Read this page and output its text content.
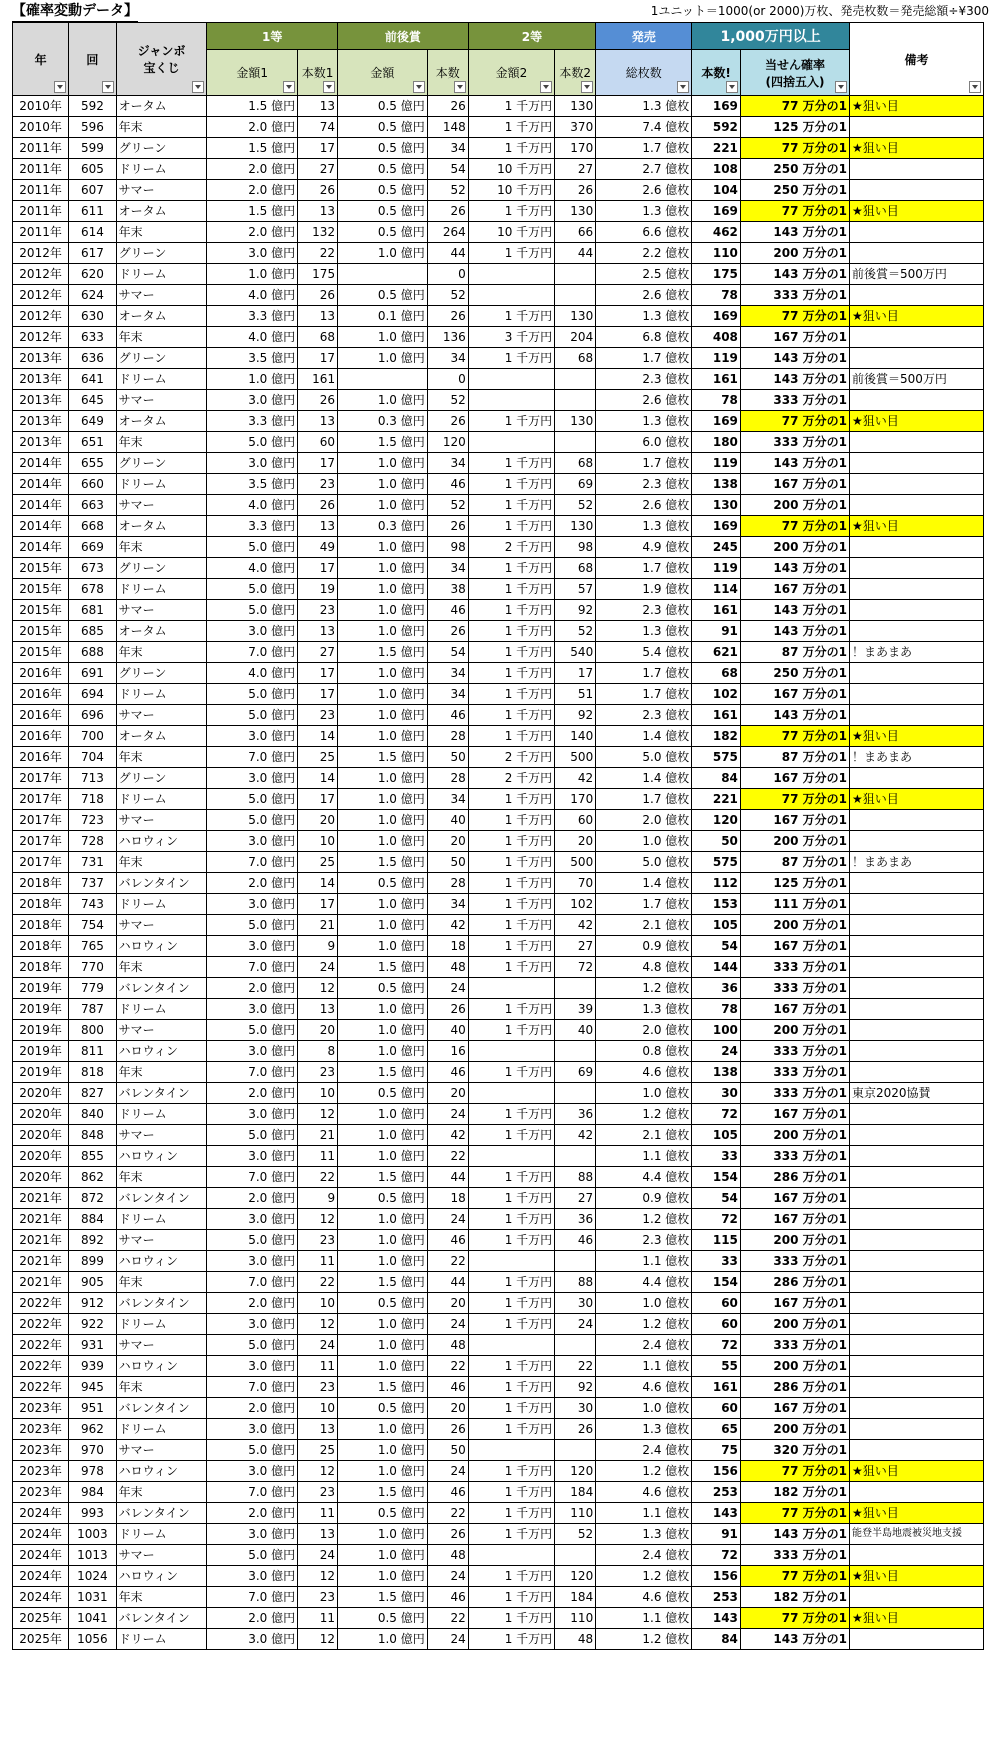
【確率変動データ】	1ユニット＝1000(or 2000)万枚、発売枚数＝発売総額÷¥300
年	回	ジャンボ
宝くじ	1等		前後賞		2等		発売	1,000万円以上		備考

			金額1	本数1	金額	本数	金額2	本数2	総枚数	本数!	当せん確率
(四捨五入)	

2010年	592	オータム	1.5 億円	13	0.5 億円	26	1 千万円	130	1.3 億枚	169	77 万分の1	★狙い目
2010年	596	年末	2.0 億円	74	0.5 億円	148	1 千万円	370	7.4 億枚	592	125 万分の1	
2011年	599	グリーン	1.5 億円	17	0.5 億円	34	1 千万円	170	1.7 億枚	221	77 万分の1	★狙い目
2011年	605	ドリーム	2.0 億円	27	0.5 億円	54	10 千万円	27	2.7 億枚	108	250 万分の1	
2011年	607	サマー	2.0 億円	26	0.5 億円	52	10 千万円	26	2.6 億枚	104	250 万分の1	
2011年	611	オータム	1.5 億円	13	0.5 億円	26	1 千万円	130	1.3 億枚	169	77 万分の1	★狙い目
2011年	614	年末	2.0 億円	132	0.5 億円	264	10 千万円	66	6.6 億枚	462	143 万分の1	
2012年	617	グリーン	3.0 億円	22	1.0 億円	44	1 千万円	44	2.2 億枚	110	200 万分の1	
2012年	620	ドリーム	1.0 億円	175		0			2.5 億枚	175	143 万分の1	前後賞＝500万円
2012年	624	サマー	4.0 億円	26	0.5 億円	52			2.6 億枚	78	333 万分の1	
2012年	630	オータム	3.3 億円	13	0.1 億円	26	1 千万円	130	1.3 億枚	169	77 万分の1	★狙い目
2012年	633	年末	4.0 億円	68	1.0 億円	136	3 千万円	204	6.8 億枚	408	167 万分の1	
2013年	636	グリーン	3.5 億円	17	1.0 億円	34	1 千万円	68	1.7 億枚	119	143 万分の1	
2013年	641	ドリーム	1.0 億円	161		0			2.3 億枚	161	143 万分の1	前後賞＝500万円
2013年	645	サマー	3.0 億円	26	1.0 億円	52			2.6 億枚	78	333 万分の1	
2013年	649	オータム	3.3 億円	13	0.3 億円	26	1 千万円	130	1.3 億枚	169	77 万分の1	★狙い目
2013年	651	年末	5.0 億円	60	1.5 億円	120			6.0 億枚	180	333 万分の1	
2014年	655	グリーン	3.0 億円	17	1.0 億円	34	1 千万円	68	1.7 億枚	119	143 万分の1	
2014年	660	ドリーム	3.5 億円	23	1.0 億円	46	1 千万円	69	2.3 億枚	138	167 万分の1	
2014年	663	サマー	4.0 億円	26	1.0 億円	52	1 千万円	52	2.6 億枚	130	200 万分の1	
2014年	668	オータム	3.3 億円	13	0.3 億円	26	1 千万円	130	1.3 億枚	169	77 万分の1	★狙い目
2014年	669	年末	5.0 億円	49	1.0 億円	98	2 千万円	98	4.9 億枚	245	200 万分の1	
2015年	673	グリーン	4.0 億円	17	1.0 億円	34	1 千万円	68	1.7 億枚	119	143 万分の1	
2015年	678	ドリーム	5.0 億円	19	1.0 億円	38	1 千万円	57	1.9 億枚	114	167 万分の1	
2015年	681	サマー	5.0 億円	23	1.0 億円	46	1 千万円	92	2.3 億枚	161	143 万分の1	
2015年	685	オータム	3.0 億円	13	1.0 億円	26	1 千万円	52	1.3 億枚	91	143 万分の1	
2015年	688	年末	7.0 億円	27	1.5 億円	54	1 千万円	540	5.4 億枚	621	87 万分の1	！まあまあ
2016年	691	グリーン	4.0 億円	17	1.0 億円	34	1 千万円	17	1.7 億枚	68	250 万分の1	
2016年	694	ドリーム	5.0 億円	17	1.0 億円	34	1 千万円	51	1.7 億枚	102	167 万分の1	
2016年	696	サマー	5.0 億円	23	1.0 億円	46	1 千万円	92	2.3 億枚	161	143 万分の1	
2016年	700	オータム	3.0 億円	14	1.0 億円	28	1 千万円	140	1.4 億枚	182	77 万分の1	★狙い目
2016年	704	年末	7.0 億円	25	1.5 億円	50	2 千万円	500	5.0 億枚	575	87 万分の1	！まあまあ
2017年	713	グリーン	3.0 億円	14	1.0 億円	28	2 千万円	42	1.4 億枚	84	167 万分の1	
2017年	718	ドリーム	5.0 億円	17	1.0 億円	34	1 千万円	170	1.7 億枚	221	77 万分の1	★狙い目
2017年	723	サマー	5.0 億円	20	1.0 億円	40	1 千万円	60	2.0 億枚	120	167 万分の1	
2017年	728	ハロウィン	3.0 億円	10	1.0 億円	20	1 千万円	20	1.0 億枚	50	200 万分の1	
2017年	731	年末	7.0 億円	25	1.5 億円	50	1 千万円	500	5.0 億枚	575	87 万分の1	！まあまあ
2018年	737	バレンタイン	2.0 億円	14	0.5 億円	28	1 千万円	70	1.4 億枚	112	125 万分の1	
2018年	743	ドリーム	3.0 億円	17	1.0 億円	34	1 千万円	102	1.7 億枚	153	111 万分の1	
2018年	754	サマー	5.0 億円	21	1.0 億円	42	1 千万円	42	2.1 億枚	105	200 万分の1	
2018年	765	ハロウィン	3.0 億円	9	1.0 億円	18	1 千万円	27	0.9 億枚	54	167 万分の1	
2018年	770	年末	7.0 億円	24	1.5 億円	48	1 千万円	72	4.8 億枚	144	333 万分の1	
2019年	779	バレンタイン	2.0 億円	12	0.5 億円	24			1.2 億枚	36	333 万分の1	
2019年	787	ドリーム	3.0 億円	13	1.0 億円	26	1 千万円	39	1.3 億枚	78	167 万分の1	
2019年	800	サマー	5.0 億円	20	1.0 億円	40	1 千万円	40	2.0 億枚	100	200 万分の1	
2019年	811	ハロウィン	3.0 億円	8	1.0 億円	16			0.8 億枚	24	333 万分の1	
2019年	818	年末	7.0 億円	23	1.5 億円	46	1 千万円	69	4.6 億枚	138	333 万分の1	
2020年	827	バレンタイン	2.0 億円	10	0.5 億円	20			1.0 億枚	30	333 万分の1	東京2020協賛
2020年	840	ドリーム	3.0 億円	12	1.0 億円	24	1 千万円	36	1.2 億枚	72	167 万分の1	
2020年	848	サマー	5.0 億円	21	1.0 億円	42	1 千万円	42	2.1 億枚	105	200 万分の1	
2020年	855	ハロウィン	3.0 億円	11	1.0 億円	22			1.1 億枚	33	333 万分の1	
2020年	862	年末	7.0 億円	22	1.5 億円	44	1 千万円	88	4.4 億枚	154	286 万分の1	
2021年	872	バレンタイン	2.0 億円	9	0.5 億円	18	1 千万円	27	0.9 億枚	54	167 万分の1	
2021年	884	ドリーム	3.0 億円	12	1.0 億円	24	1 千万円	36	1.2 億枚	72	167 万分の1	
2021年	892	サマー	5.0 億円	23	1.0 億円	46	1 千万円	46	2.3 億枚	115	200 万分の1	
2021年	899	ハロウィン	3.0 億円	11	1.0 億円	22			1.1 億枚	33	333 万分の1	
2021年	905	年末	7.0 億円	22	1.5 億円	44	1 千万円	88	4.4 億枚	154	286 万分の1	
2022年	912	バレンタイン	2.0 億円	10	0.5 億円	20	1 千万円	30	1.0 億枚	60	167 万分の1	
2022年	922	ドリーム	3.0 億円	12	1.0 億円	24	1 千万円	24	1.2 億枚	60	200 万分の1	
2022年	931	サマー	5.0 億円	24	1.0 億円	48			2.4 億枚	72	333 万分の1	
2022年	939	ハロウィン	3.0 億円	11	1.0 億円	22	1 千万円	22	1.1 億枚	55	200 万分の1	
2022年	945	年末	7.0 億円	23	1.5 億円	46	1 千万円	92	4.6 億枚	161	286 万分の1	
2023年	951	バレンタイン	2.0 億円	10	0.5 億円	20	1 千万円	30	1.0 億枚	60	167 万分の1	
2023年	962	ドリーム	3.0 億円	13	1.0 億円	26	1 千万円	26	1.3 億枚	65	200 万分の1	
2023年	970	サマー	5.0 億円	25	1.0 億円	50			2.4 億枚	75	320 万分の1	
2023年	978	ハロウィン	3.0 億円	12	1.0 億円	24	1 千万円	120	1.2 億枚	156	77 万分の1	★狙い目
2023年	984	年末	7.0 億円	23	1.5 億円	46	1 千万円	184	4.6 億枚	253	182 万分の1	
2024年	993	バレンタイン	2.0 億円	11	0.5 億円	22	1 千万円	110	1.1 億枚	143	77 万分の1	★狙い目
2024年	1003	ドリーム	3.0 億円	13	1.0 億円	26	1 千万円	52	1.3 億枚	91	143 万分の1	能登半島地震被災地支援
2024年	1013	サマー	5.0 億円	24	1.0 億円	48			2.4 億枚	72	333 万分の1	
2024年	1024	ハロウィン	3.0 億円	12	1.0 億円	24	1 千万円	120	1.2 億枚	156	77 万分の1	★狙い目
2024年	1031	年末	7.0 億円	23	1.5 億円	46	1 千万円	184	4.6 億枚	253	182 万分の1	
2025年	1041	バレンタイン	2.0 億円	11	0.5 億円	22	1 千万円	110	1.1 億枚	143	77 万分の1	★狙い目
2025年	1056	ドリーム	3.0 億円	12	1.0 億円	24	1 千万円	48	1.2 億枚	84	143 万分の1	
